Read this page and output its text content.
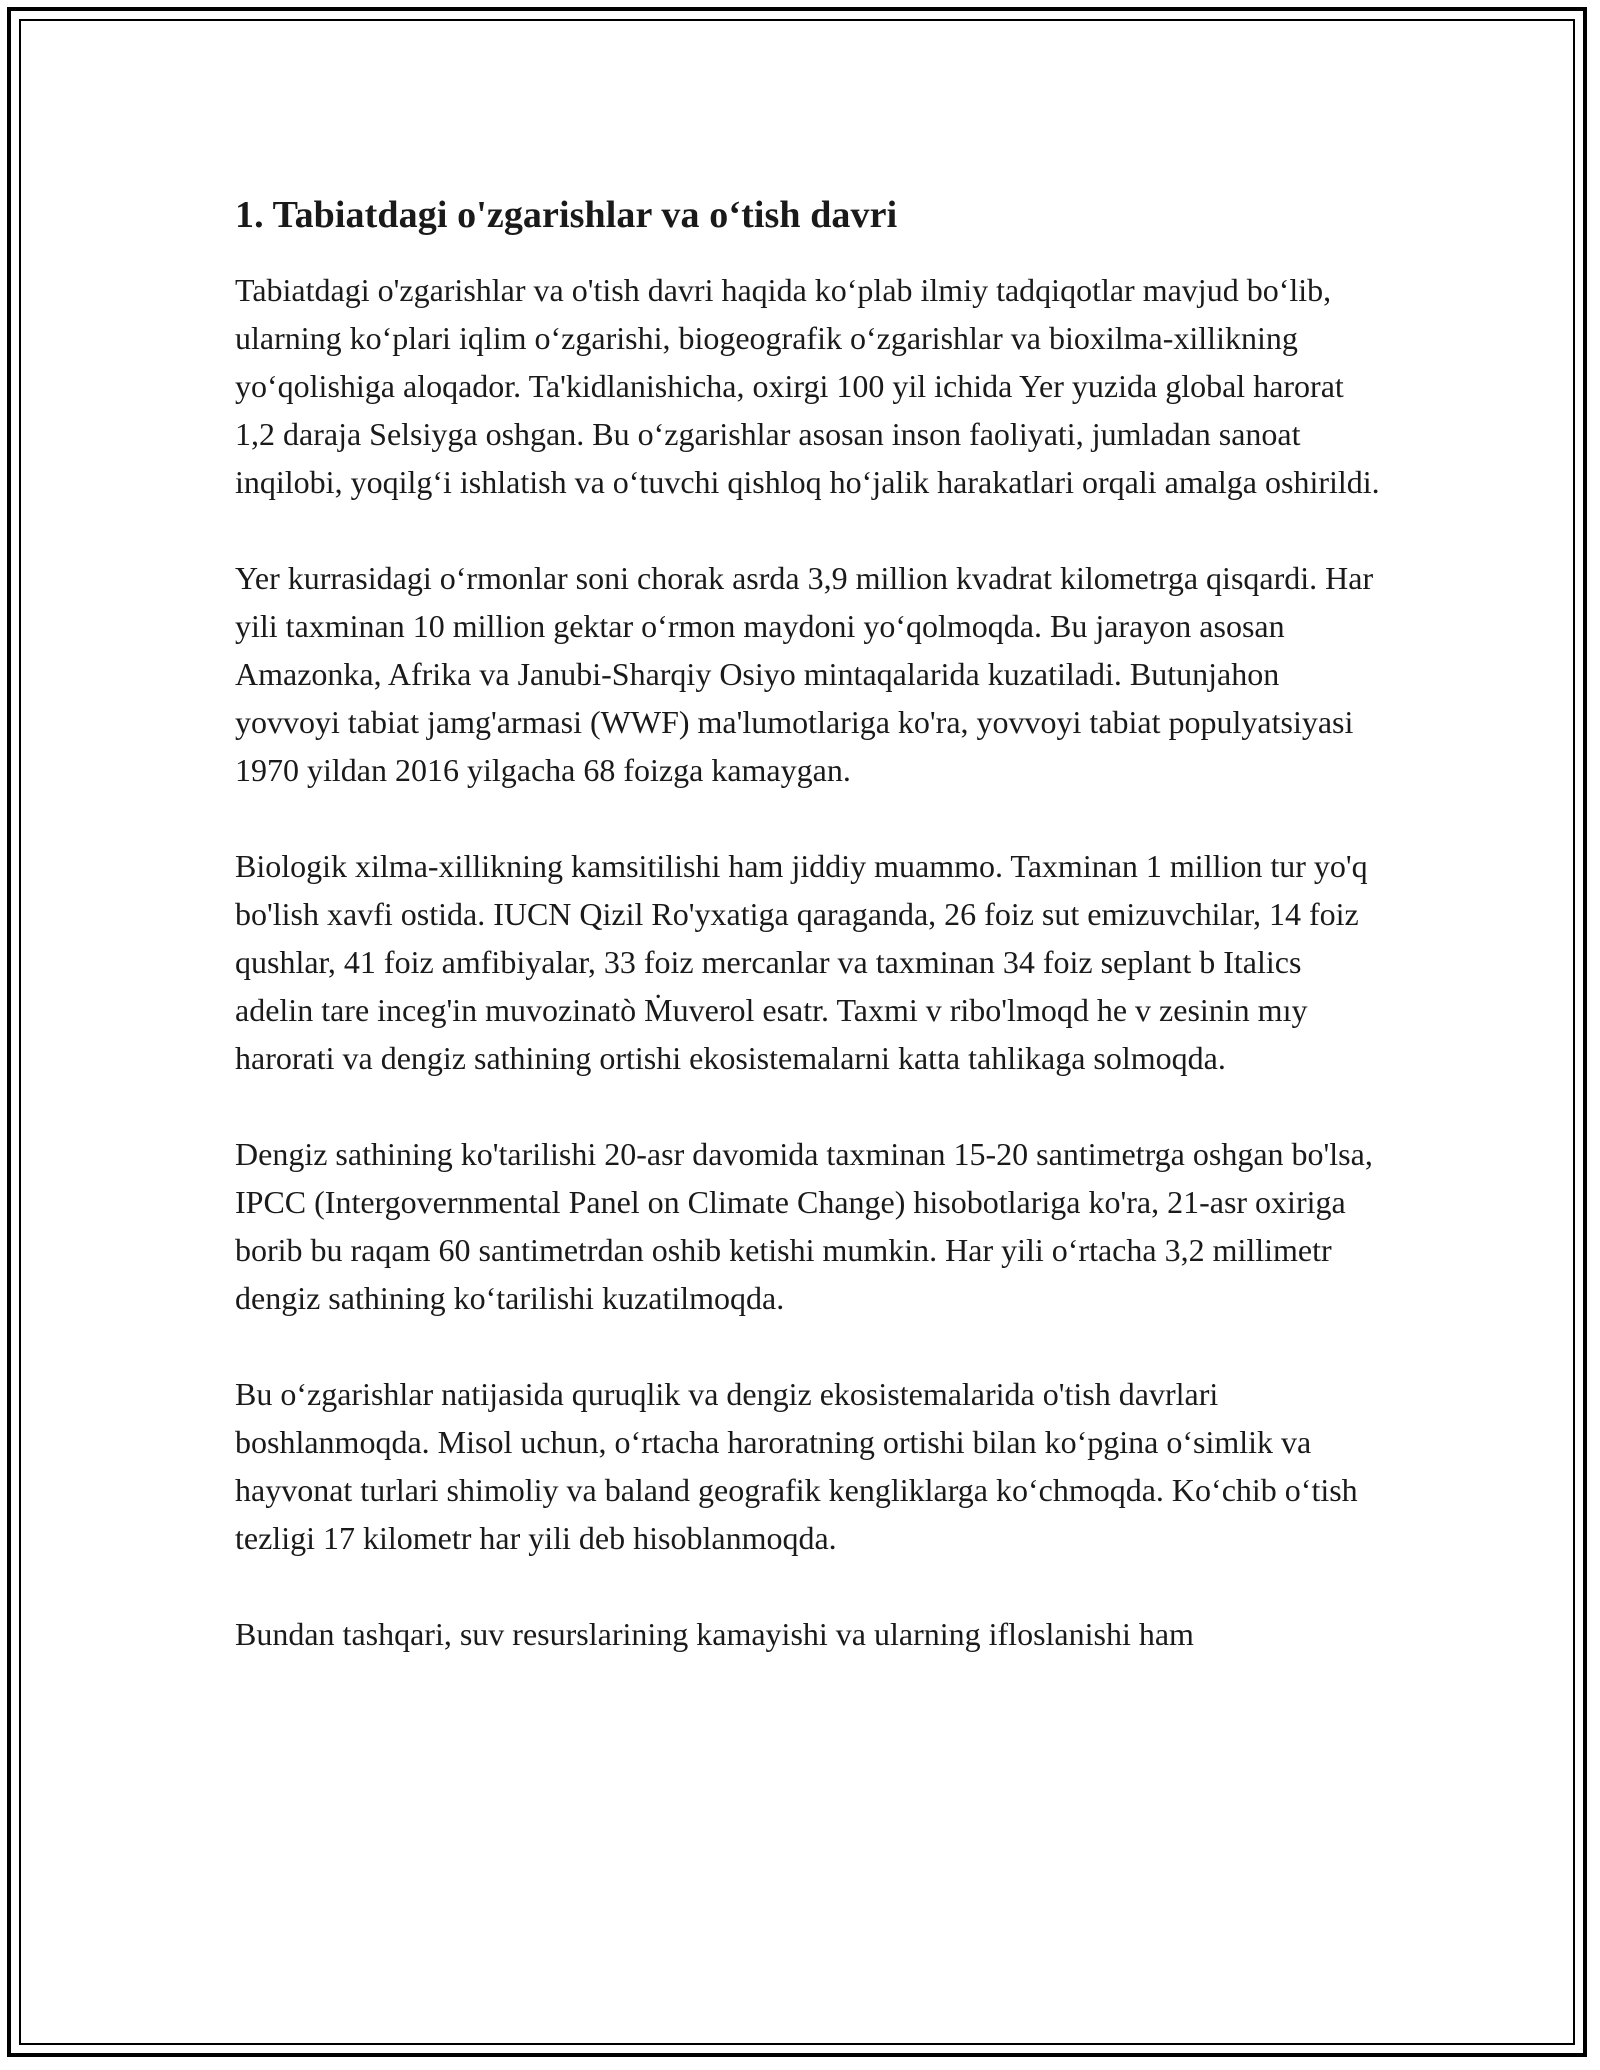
1. Tabiatdagi o'zgarishlar va o‘tish davri

Tabiatdagi o'zgarishlar va o'tish davri haqida ko‘plab ilmiy tadqiqotlar mavjud bo‘lib, ularning ko‘plari iqlim o‘zgarishi, biogeografik o‘zgarishlar va bioxilma-xillikning yo‘qolishiga aloqador. Ta'kidlanishicha, oxirgi 100 yil ichida Yer yuzida global harorat 1,2 daraja Selsiyga oshgan. Bu o‘zgarishlar asosan inson faoliyati, jumladan sanoat inqilobi, yoqilg‘i ishlatish va o‘tuvchi qishloq ho‘jalik harakatlari orqali amalga oshirildi.

Yer kurrasidagi o‘rmonlar soni chorak asrda 3,9 million kvadrat kilometrga qisqardi. Har yili taxminan 10 million gektar o‘rmon maydoni yo‘qolmoqda. Bu jarayon asosan Amazonka, Afrika va Janubi-Sharqiy Osiyo mintaqalarida kuzatiladi. Butunjahon yovvoyi tabiat jamg'armasi (WWF) ma'lumotlariga ko'ra, yovvoyi tabiat populyatsiyasi 1970 yildan 2016 yilgacha 68 foizga kamaygan.

Biologik xilma-xillikning kamsitilishi ham jiddiy muammo. Taxminan 1 million tur yo'q bo'lish xavfi ostida. IUCN Qizil Ro'yxatiga qaraganda, 26 foiz sut emizuvchilar, 14 foiz qushlar, 41 foiz amfibiyalar, 33 foiz mercanlar va taxminan 34 foiz seplant b Italics adelin tare inceg'in muvozinatò Ṁuverol esatr. Taxmi v ribo'lmoqd he v zesinin mıy harorati va dengiz sathining ortishi ekosistemalarni katta tahlikaga solmoqda.

Dengiz sathining ko'tarilishi 20-asr davomida taxminan 15-20 santimetrga oshgan bo'lsa, IPCC (Intergovernmental Panel on Climate Change) hisobotlariga ko'ra, 21-asr oxiriga borib bu raqam 60 santimetrdan oshib ketishi mumkin. Har yili o‘rtacha 3,2 millimetr dengiz sathining ko‘tarilishi kuzatilmoqda.

Bu o‘zgarishlar natijasida quruqlik va dengiz ekosistemalarida o'tish davrlari boshlanmoqda. Misol uchun, o‘rtacha haroratning ortishi bilan ko‘pgina o‘simlik va hayvonat turlari shimoliy va baland geografik kengliklarga ko‘chmoqda. Ko‘chib o‘tish tezligi 17 kilometr har yili deb hisoblanmoqda.

Bundan tashqari, suv resurslarining kamayishi va ularning ifloslanishi ham
